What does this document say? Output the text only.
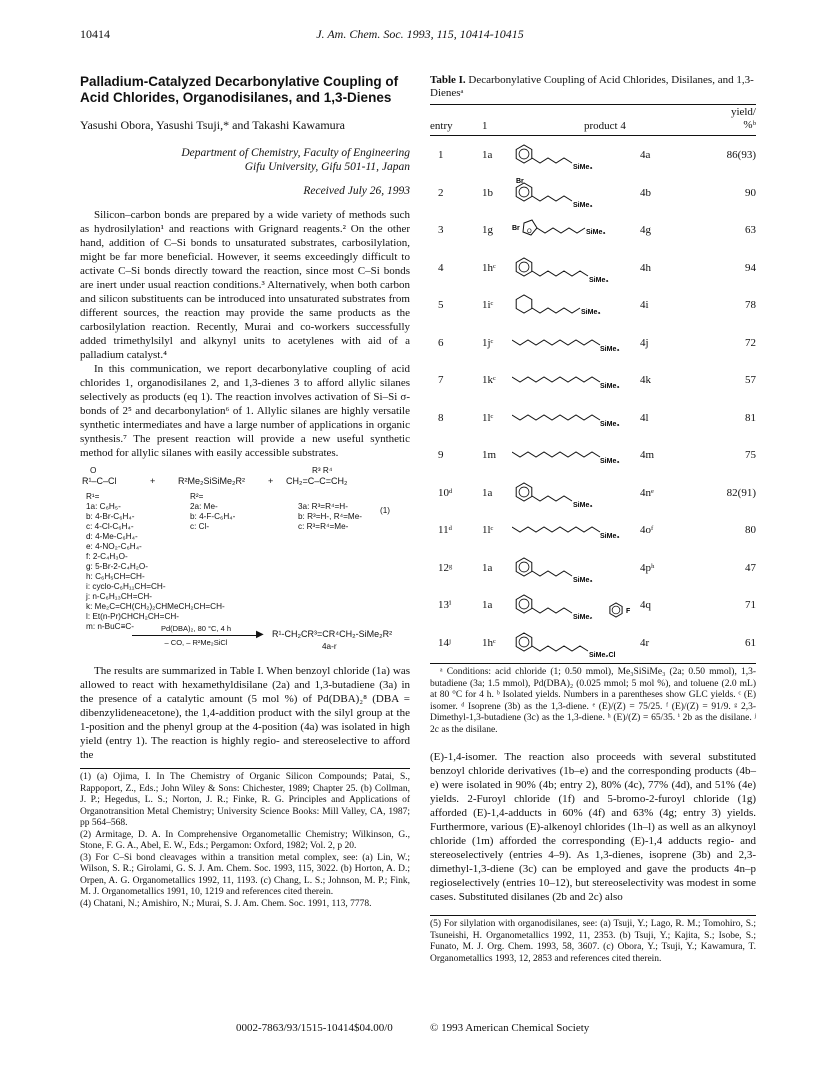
10414	J. Am. Chem. Soc. 1993, 115, 10414-10415
Palladium-Catalyzed Decarbonylative Coupling of Acid Chlorides, Organodisilanes, and 1,3-Dienes
Yasushi Obora, Yasushi Tsuji,* and Takashi Kawamura
Department of Chemistry, Faculty of Engineering
Gifu University, Gifu 501-11, Japan
Received July 26, 1993

Silicon–carbon bonds are prepared by a wide variety of methods such as hydrosilylation¹ and reactions with Grignard reagents.² On the other hand, addition of C–Si bonds to unsaturated substrates, carbosilylation, might be far more beneficial. However, it seems exceedingly difficult to activate C–Si bonds directly toward the reaction, since most C–Si bonds are inert under usual reaction conditions.³ Alternatively, when both carbon and silicon substituents can be introduced into unsaturated substrates from different sources, the reaction may provide the same products as the carbosilylation reaction. Recently, Murai and co-workers successfully added trimethylsilyl and alkynyl units to acetylenes with aid of a palladium catalyst.⁴

In this communication, we report decarbonylative coupling of acid chlorides 1, organodisilanes 2, and 1,3-dienes 3 to afford allylic silanes selectively as products (eq 1). The reaction involves activation of Si–Si σ-bonds of 2⁵ and decarbonylation⁶ of 1. Allylic silanes are highly versatile synthetic intermediates and have a large number of applications in organic synthesis.⁷ The present reaction will provide a new useful synthetic method for allylic silanes with easily accessible substrates.

O
R¹–C–Cl	+	R²Me₂SiSiMe₂R²	+
R³ R⁴
CH₂=C–C=CH₂
(1)
R¹=
1a: C₆H₅-
b: 4-Br-C₆H₄-
c: 4-Cl-C₆H₄-
d: 4-Me-C₆H₄-
e: 4-NO₂-C₆H₄-
f: 2-C₄H₃O-
g: 5-Br-2-C₄H₂O-
h: C₆H₅CH=CH-
i: cyclo-C₆H₁₁CH=CH-
j: n-C₆H₁₃CH=CH-
k: Me₂C=CH(CH₂)₂CHMeCH₂CH=CH-
l: Et(n-Pr)CHCH₂CH=CH-
m: n-BuC≡C-
R²=
2a: Me-
b: 4-F-C₆H₄-
c: Cl-
3a: R³=R⁴=H-
b: R³=H-, R⁴=Me-
c: R³=R⁴=Me-
Pd(DBA)₂, 80 °C, 4 h
▶
– CO, – R²Me₂SiCl
R¹-CH₂CR³=CR⁴CH₂-SiMe₂R²
4a-r

The results are summarized in Table I. When benzoyl chloride (1a) was allowed to react with hexamethyldisilane (2a) and 1,3-butadiene (3a) in the presence of a catalytic amount (5 mol %) of Pd(DBA)₂⁸ (DBA = dibenzylideneacetone), the 1,4-addition product with the silyl group at the 1-position and the phenyl group at the 4-position (4a) was isolated in high yield (entry 1). The reaction is highly regio- and stereoselective to afford the

(1) (a) Ojima, I. In The Chemistry of Organic Silicon Compounds; Patai, S., Rappoport, Z., Eds.; John Wiley & Sons: Chichester, 1989; Chapter 25. (b) Collman, J. P.; Hegedus, L. S.; Norton, J. R.; Finke, R. G. Principles and Applications of Organotransition Metal Chemistry; University Science Books: Mill Valley, CA, 1987; pp 564–568.

(2) Armitage, D. A. In Comprehensive Organometallic Chemistry; Wilkinson, G., Stone, F. G. A., Abel, E. W., Eds.; Pergamon: Oxford, 1982; Vol. 2, p 20.

(3) For C–Si bond cleavages within a transition metal complex, see: (a) Lin, W.; Wilson, S. R.; Girolami, G. S. J. Am. Chem. Soc. 1993, 115, 3022. (b) Horton, A. D.; Orpen, A. G. Organometallics 1992, 11, 1193. (c) Chang, L. S.; Johnson, M. P.; Fink, M. J. Organometallics 1991, 10, 1219 and references cited therein.

(4) Chatani, N.; Amishiro, N.; Murai, S. J. Am. Chem. Soc. 1991, 113, 7778.

Table I. Decarbonylative Coupling of Acid Chlorides, Disilanes, and 1,3-Dienesᵃ
entry	1	product 4
yield/ %ᵇ
1	1a	4a	86(93)
SiMe₃
2	1b	4b	90
SiMe₃
Br
3	1g	4g	63
SiMe₃
Br O
4	1hᶜ	4h	94
SiMe₃
5	1iᶜ	4i	78
SiMe₃
6	1jᶜ	4j	72
SiMe₃
7	1kᶜ	4k	57
SiMe₃
8	1lᶜ	4l	81
SiMe₃
9	1m	4m	75
SiMe₃
10ᵈ	1a	4nᵉ	82(91)
SiMe₃
11ᵈ	1lᶜ	4oᶠ	80
SiMe₃
12ᵍ	1a	4pʰ	47
SiMe₃
13ⁱ	1a	4q	71
SiMe₂
F
14ʲ	1hᶜ	4r	61
SiMe₂Cl
ᵃ Conditions: acid chloride (1; 0.50 mmol), Me₃SiSiMe₃ (2a; 0.50 mmol), 1,3-butadiene (3a; 1.5 mmol), Pd(DBA)₂ (0.025 mmol; 5 mol %), and toluene (2.0 mL) at 80 °C for 4 h. ᵇ Isolated yields. Numbers in a parentheses show GLC yields. ᶜ (E) isomer. ᵈ Isoprene (3b) as the 1,3-diene. ᵉ (E)/(Z) = 75/25. ᶠ (E)/(Z) = 91/9. ᵍ 2,3-Dimethyl-1,3-butadiene (3c) as the 1,3-diene. ʰ (E)/(Z) = 65/35. ⁱ 2b as the disilane. ʲ 2c as the disilane.

(E)-1,4-isomer. The reaction also proceeds with several substituted benzoyl chloride derivatives (1b–e) and the corresponding products (4b–e) were isolated in 90% (4b; entry 2), 80% (4c), 77% (4d), and 51% (4e) yields. 2-Furoyl chloride (1f) and 5-bromo-2-furoyl chloride (1g) afforded (E)-1,4-adducts in 60% (4f) and 63% (4g; entry 3) yields. Furthermore, various (E)-alkenoyl chlorides (1h–l) as well as an alkynoyl chloride (1m) afforded the corresponding (E)-1,4 adducts regio- and stereoselectively (entries 4–9). As 1,3-dienes, isoprene (3b) and 2,3-dimethyl-1,3-diene (3c) can be employed and gave the products 4n–p regioselectively (entries 10–12), but stereoselectivity was modest in some cases. Substituted disilanes (2b and 2c) also

(5) For silylation with organodisilanes, see: (a) Tsuji, Y.; Lago, R. M.; Tomohiro, S.; Tsuneishi, H. Organometallics 1992, 11, 2353. (b) Tsuji, Y.; Kajita, S.; Isobe, S.; Funato, M. J. Org. Chem. 1993, 58, 3607. (c) Obora, Y.; Tsuji, Y.; Kawamura, T. Organometallics 1993, 12, 2853 and references cited therein.
0002-7863/93/1515-10414$04.00/0	© 1993 American Chemical Society
